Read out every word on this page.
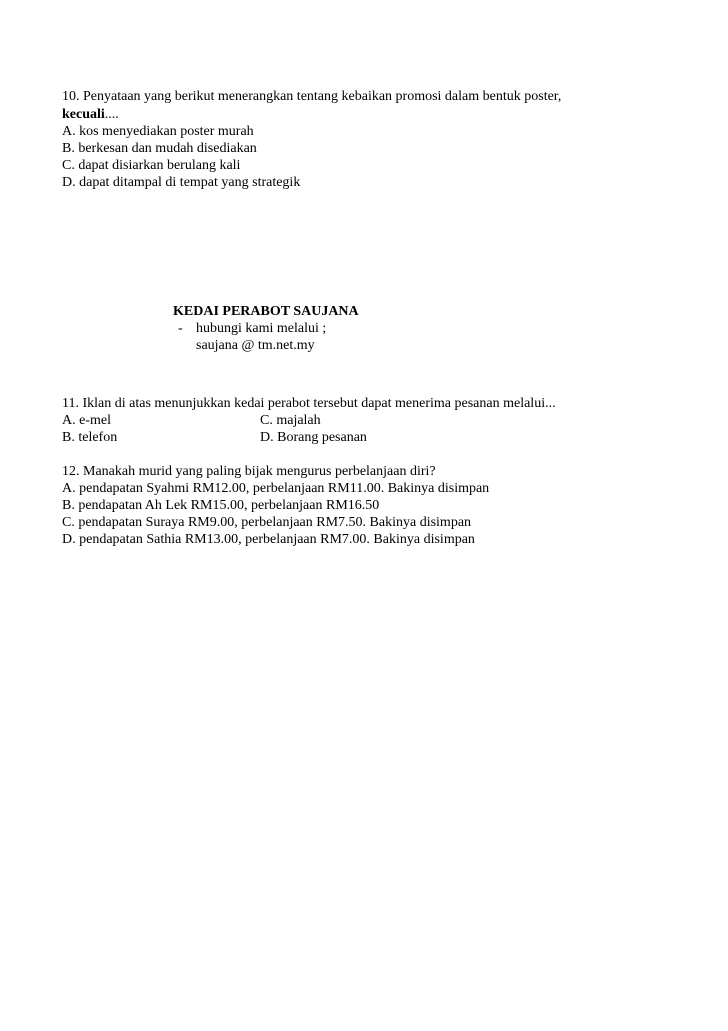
10. Penyataan yang berikut menerangkan tentang kebaikan promosi dalam bentuk poster,

kecuali....

A. kos menyediakan poster murah

B. berkesan dan mudah disediakan

C. dapat disiarkan berulang kali

D. dapat ditampal di tempat yang strategik

KEDAI PERABOT SAUJANA

- hubungi kami melalui ;

saujana @ tm.net.my

11. Iklan di atas menunjukkan kedai perabot tersebut dapat menerima pesanan melalui...

A. e-mel	C. majalah

B. telefon	D. Borang pesanan

12. Manakah murid yang paling bijak mengurus perbelanjaan diri?

A. pendapatan Syahmi RM12.00, perbelanjaan RM11.00. Bakinya disimpan

B. pendapatan Ah Lek RM15.00, perbelanjaan RM16.50

C. pendapatan Suraya RM9.00, perbelanjaan RM7.50. Bakinya disimpan

D. pendapatan Sathia RM13.00, perbelanjaan RM7.00. Bakinya disimpan
